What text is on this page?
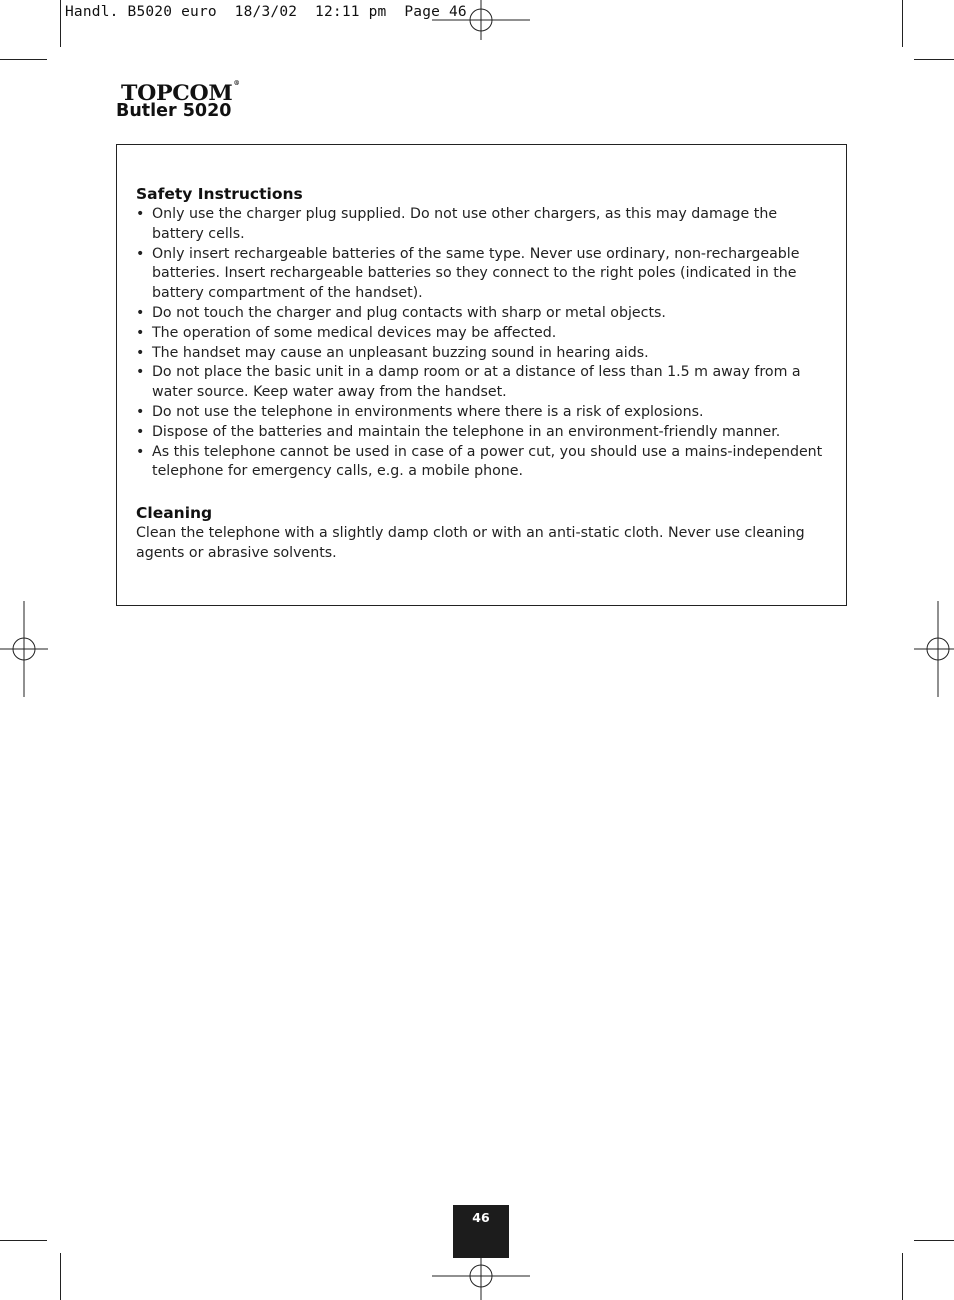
Handl. B5020 euro  18/3/02  12:11 pm  Page 46
TOPCOM®
Butler 5020
Safety Instructions
• Only use the charger plug supplied. Do not use other chargers, as this may damage the battery cells.
• Only insert rechargeable batteries of the same type. Never use ordinary, non-rechargeable batteries. Insert rechargeable batteries so they connect to the right poles (indicated in the battery compartment of the handset).
• Do not touch the charger and plug contacts with sharp or metal objects.
• The operation of some medical devices may be affected.
• The handset may cause an unpleasant buzzing sound in hearing aids.
• Do not place the basic unit in a damp room or at a distance of less than 1.5 m away from a water source. Keep water away from the handset.
• Do not use the telephone in environments where there is a risk of explosions.
• Dispose of the batteries and maintain the telephone in an environment-friendly manner.
• As this telephone cannot be used in case of a power cut, you should use a mains-independent telephone for emergency calls, e.g. a mobile phone.
Cleaning

Clean the telephone with a slightly damp cloth or with an anti-static cloth. Never use cleaning agents or abrasive solvents.

46
